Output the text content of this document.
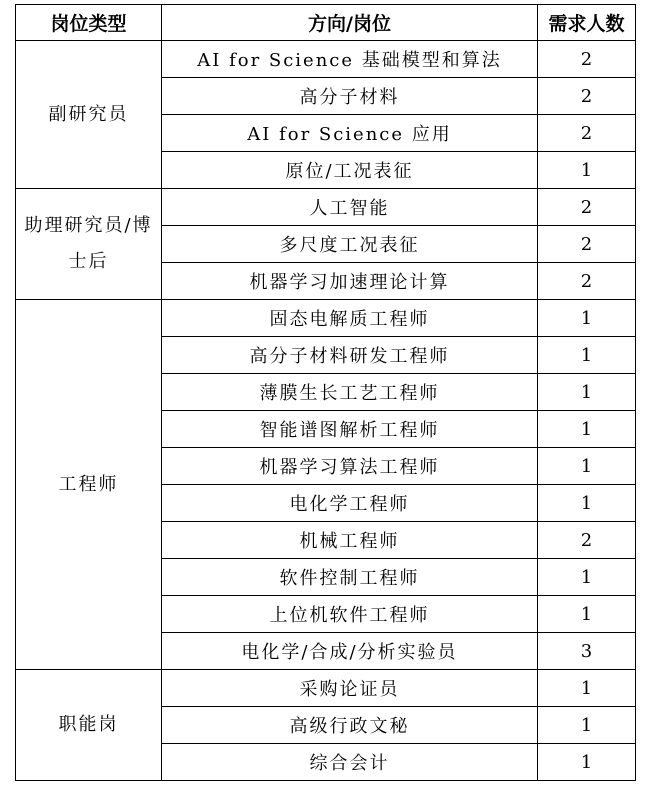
岗位类型	方向/岗位	需求人数
副研究员	AI for Science 基础模型和算法	2
	高分子材料	2
	AI for Science 应用	2
	原位/工况表征	1
助理研究员/博士后	人工智能	2
	多尺度工况表征	2
	机器学习加速理论计算	2
工程师	固态电解质工程师	1
	高分子材料研发工程师	1
	薄膜生长工艺工程师	1
	智能谱图解析工程师	1
	机器学习算法工程师	1
	电化学工程师	1
	机械工程师	2
	软件控制工程师	1
	上位机软件工程师	1
	电化学/合成/分析实验员	3
职能岗	采购论证员	1
	高级行政文秘	1
	综合会计	1
